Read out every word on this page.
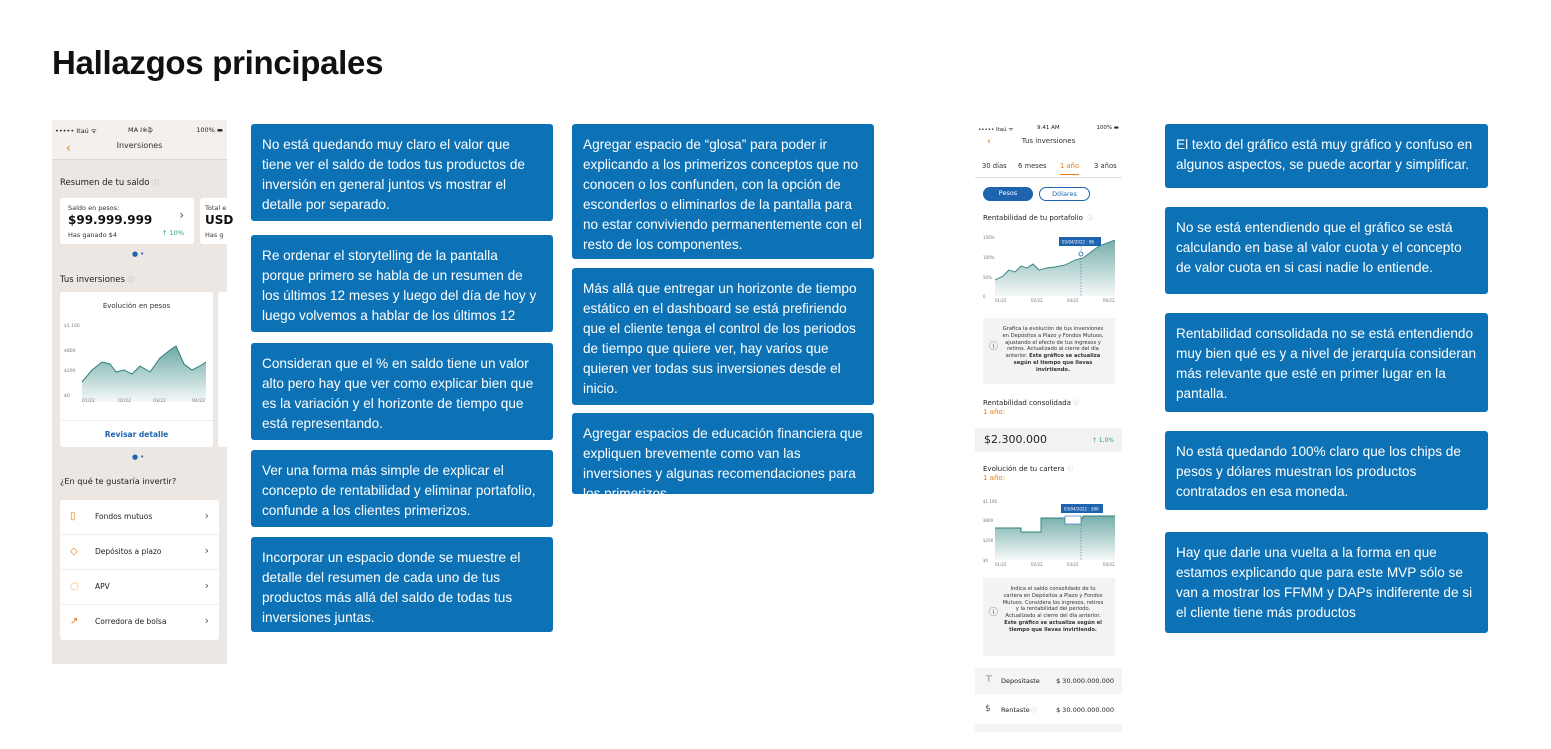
Hallazgos principales
••••• Itaú ᯤ	MA I※ֆ	100% ▬
‹	Inversiones
Resumen de tu saldo ⓘ
Saldo en pesos:
$99.999.999
Has ganado $4	↑ 10%
›	Total e
USD
Has g
●•
Tus inversiones ⓘ
Evolución en pesos
$1.100
$800
$200
$0
01/22	02/22	03/22	04/22
Revisar detalle
●•
¿En qué te gustaría invertir?
▯	Fondos mutuos	›
◇ Depósitos a plazo	›
◌ APV	›
↗ Corredora de bolsa	›
No está quedando muy claro el valor que tiene ver el saldo de todos tus productos de inversión en general juntos vs mostrar el detalle por separado.
Re ordenar el storytelling de la pantalla porque primero se habla de un resumen de los últimos 12 meses y luego del día de hoy y luego volvemos a hablar de los últimos 12 meses.
Consideran que el % en saldo tiene un valor alto pero hay que ver como explicar bien que es la variación y el horizonte de tiempo que está representando.
Ver una forma más simple de explicar el concepto de rentabilidad y eliminar portafolio, confunde a los clientes primerizos.
Incorporar un espacio donde se muestre el detalle del resumen de cada uno de tus productos más allá del saldo de todas tus inversiones juntas.
Agregar espacio de “glosa” para poder ir explicando a los primerizos conceptos que no conocen o los confunden, con la opción de esconderlos o eliminarlos de la pantalla para no estar conviviendo permanentemente con el resto de los componentes.
Más allá que entregar un horizonte de tiempo estático en el dashboard se está prefiriendo que el cliente tenga el control de los periodos de tiempo que quiere ver, hay varios que quieren ver todas sus inversiones desde el inicio.
Agregar espacios de educación financiera que expliquen brevemente como van las inversiones y algunas recomendaciones para los primerizos.
••••• Itaú ᯤ	9:41 AM	100% ▬
‹	Tus inversiones
30 días 6 meses 1 año 3 años
Pesos	Dólares
Rentabilidad de tu portafolio ⓘ
150%
100%
50%
0
03/04/2022 : 86
01/22	02/22	04/22	06/22
ⓘ
Grafica la evolución de tus inversiones en Depósitos a Plazo y Fondos Mutuos, ajustando el efecto de tus ingresos y retiros. Actualizado al cierre del día anterior. Este gráfico se actualiza según el tiempo que llevas invirtiendo.
Rentabilidad consolidada ⓘ
1 año:
$2.300.000	↑ 1,0%
Evolución de tu cartera ⓘ
1 año:
$1.100
$800
$200
$0
03/04/2022 : $90
01/22	02/22	03/22	04/22
ⓘ
Indica el saldo consolidado de tu cartera en Depósitos a Plazo y Fondos Mutuos. Considera los ingresos, retiros y la rentabilidad del periodo. Actualizado al cierre del día anterior. Este gráfico se actualiza según el tiempo que llevas invirtiendo.
⊤ Depositaste	$ 30.000.000.000
$ Rentaste ⓘ	$ 30.000.000.000
El texto del gráfico está muy gráfico y confuso en algunos aspectos, se puede acortar y simplificar.
No se está entendiendo que el gráfico se está calculando en base al valor cuota y el concepto de valor cuota en si casi nadie lo entiende.
Rentabilidad consolidada no se está entendiendo muy bien qué es y a nivel de jerarquía consideran más relevante que esté en primer lugar en la pantalla.
No está quedando 100% claro que los chips de pesos y dólares muestran los productos contratados en esa moneda.
Hay que darle una vuelta a la forma en que estamos explicando que para este MVP sólo se van a mostrar los FFMM y DAPs indiferente de si el cliente tiene más productos
